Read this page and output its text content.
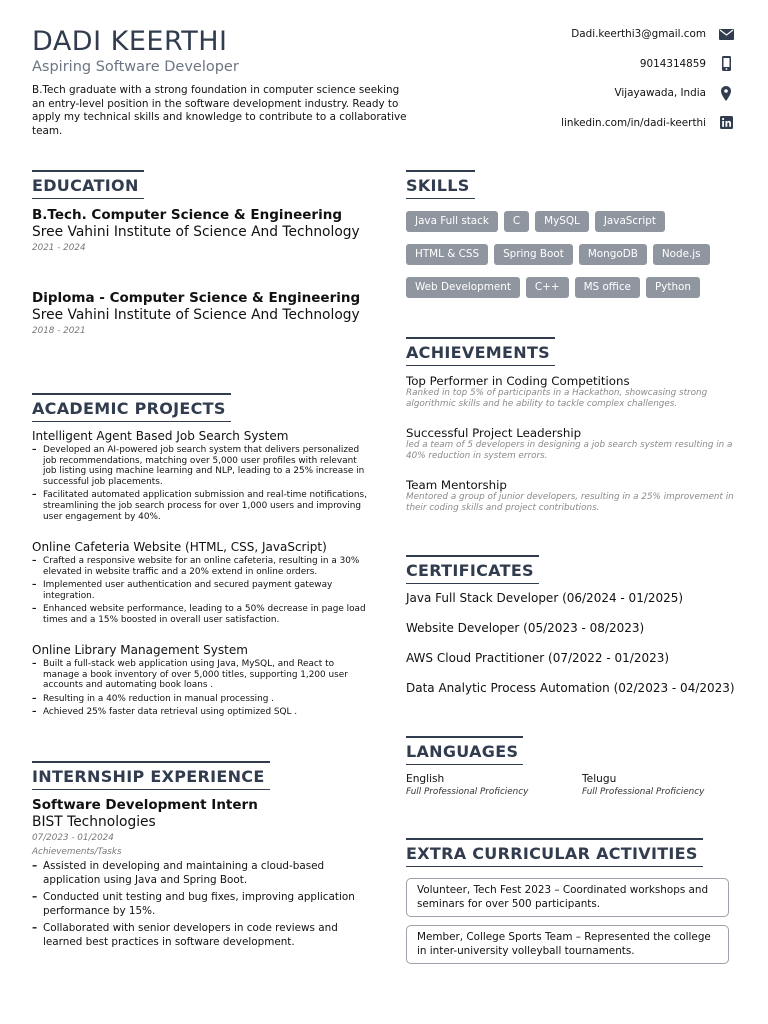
DADI KEERTHI
Aspiring Software Developer
B.Tech graduate with a strong foundation in computer science seeking an entry-level position in the software development industry. Ready to apply my technical skills and knowledge to contribute to a collaborative team.
Dadi.keerthi3@gmail.com
9014314859
Vijayawada, India
linkedin.com/in/dadi-keerthi
EDUCATION
B.Tech. Computer Science & Engineering
Sree Vahini Institute of Science And Technology
2021 - 2024
Diploma - Computer Science & Engineering
Sree Vahini Institute of Science And Technology
2018 - 2021
ACADEMIC PROJECTS
Intelligent Agent Based Job Search System
– Developed an AI-powered job search system that delivers personalized job recommendations, matching over 5,000 user profiles with relevant job listing using machine learning and NLP, leading to a 25% increase in successful job placements.
– Facilitated automated application submission and real-time notifications, streamlining the job search process for over 1,000 users and improving user engagement by 40%.
Online Cafeteria Website (HTML, CSS, JavaScript)
– Crafted a responsive website for an online cafeteria, resulting in a 30% elevated in website traffic and a 20% extend in online orders.
– Implemented user authentication and secured payment gateway integration.
– Enhanced website performance, leading to a 50% decrease in page load times and a 15% boosted in overall user satisfaction.
Online Library Management System
– Built a full-stack web application using Java, MySQL, and React to manage a book inventory of over 5,000 titles, supporting 1,200 user accounts and automating book loans .
– Resulting in a 40% reduction in manual processing .
– Achieved 25% faster data retrieval using optimized SQL .
INTERNSHIP EXPERIENCE
Software Development Intern
BIST Technologies
07/2023 - 01/2024
Achievements/Tasks
– Assisted in developing and maintaining a cloud-based application using Java and Spring Boot.
– Conducted unit testing and bug fixes, improving application performance by 15%.
– Collaborated with senior developers in code reviews and learned best practices in software development.
SKILLS
Java Full stack C MySQL JavaScript
HTML & CSS Spring Boot MongoDB Node.js
Web Development C++ MS office Python
ACHIEVEMENTS
Top Performer in Coding Competitions
Ranked in top 5% of participants in a Hackathon, showcasing strong algorithmic skills and he ability to tackle complex challenges.
Successful Project Leadership
led a team of 5 developers in designing a job search system resulting in a 40% reduction in system errors.
Team Mentorship
Mentored a group of junior developers, resulting in a 25% improvement in their coding skills and project contributions.
CERTIFICATES
Java Full Stack Developer (06/2024 - 01/2025)
Website Developer (05/2023 - 08/2023)
AWS Cloud Practitioner (07/2022 - 01/2023)
Data Analytic Process Automation (02/2023 - 04/2023)
LANGUAGES
English
Full Professional Proficiency
Telugu
Full Professional Proficiency
EXTRA CURRICULAR ACTIVITIES
Volunteer, Tech Fest 2023 – Coordinated workshops and seminars for over 500 participants.
Member, College Sports Team – Represented the college in inter-university volleyball tournaments.
